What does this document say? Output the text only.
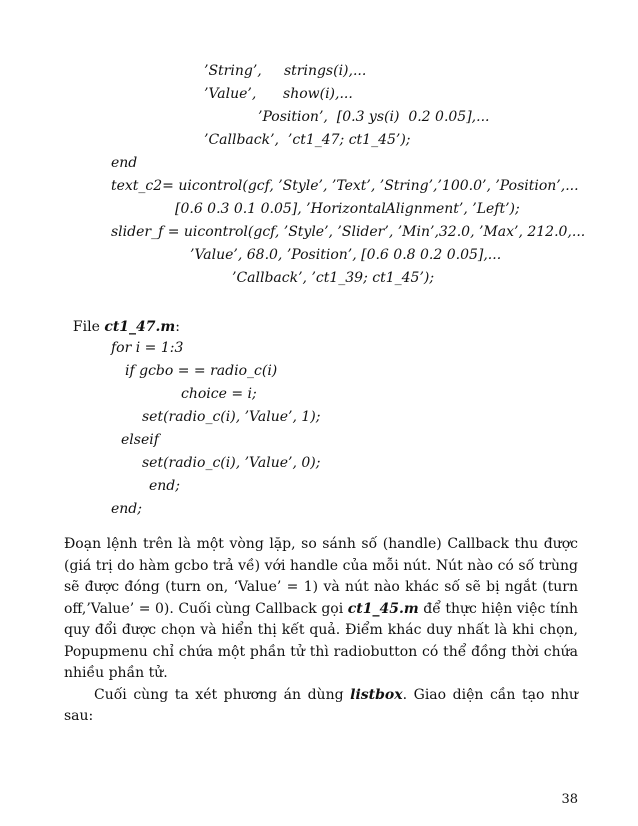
’String’,     strings(i),...
’Value’,      show(i),...
’Position’,  [0.3 ys(i)  0.2 0.05],...
’Callback’,  ’ct1_47; ct1_45’);
end
text_c2= uicontrol(gcf, ’Style’, ’Text’, ’String’,’100.0’, ’Position’,...
[0.6 0.3 0.1 0.05], ’HorizontalAlignment’, ’Left’);
slider_f = uicontrol(gcf, ’Style’, ’Slider’, ’Min’,32.0, ’Max’, 212.0,...
’Value’, 68.0, ’Position’, [0.6 0.8 0.2 0.05],...
’Callback’, ’ct1_39; ct1_45’);

File ct1_47.m:

for i = 1:3
if gcbo = = radio_c(i)
choice = i;
set(radio_c(i), ’Value’, 1);
elseif
set(radio_c(i), ’Value’, 0);
end;
end;

Đoạn lệnh trên là một vòng lặp, so sánh số (handle) Callback thu được (giá trị do hàm gcbo trả về) với handle của mỗi nút. Nút nào có số trùng sẽ được đóng (turn on, ‘Value’ = 1) và nút nào khác số sẽ bị ngắt (turn off,’Value’ = 0). Cuối cùng Callback gọi ct1_45.m để thực hiện việc tính quy đổi được chọn và hiển thị kết quả. Điểm khác duy nhất là khi chọn, Popupmenu chỉ chứa một phần tử thì radiobutton có thể đồng thời chứa nhiều phần tử.

Cuối cùng ta xét phương án dùng listbox. Giao diện cần tạo như sau:

38
